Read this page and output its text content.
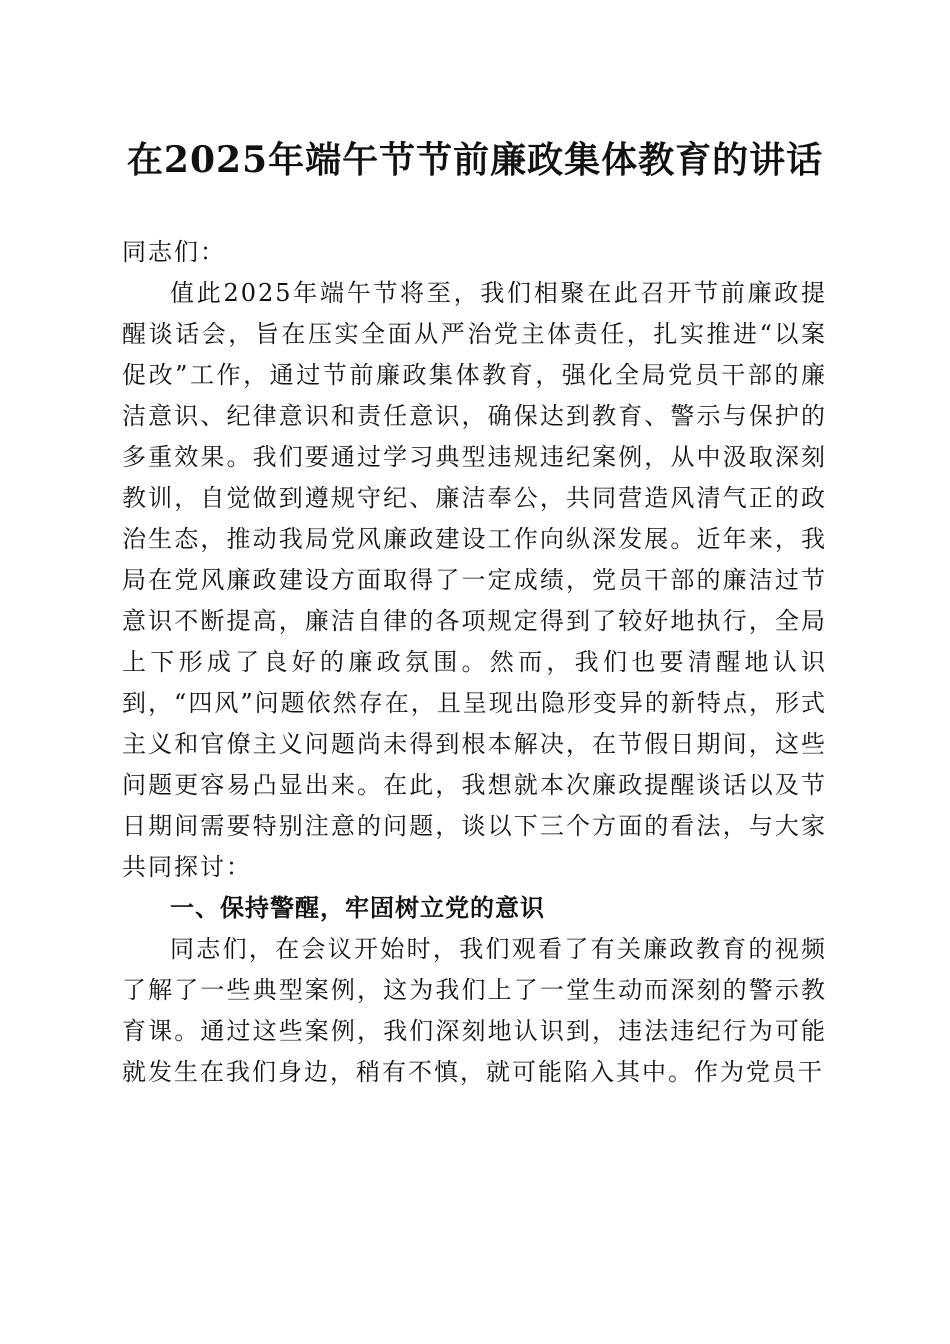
在2025年端午节节前廉政集体教育的讲话

同志们：

值此2025年端午节将至，我们相聚在此召开节前廉政提醒谈话会，旨在压实全面从严治党主体责任，扎实推进“以案促改”工作，通过节前廉政集体教育，强化全局党员干部的廉洁意识、纪律意识和责任意识，确保达到教育、警示与保护的多重效果。我们要通过学习典型违规违纪案例，从中汲取深刻教训，自觉做到遵规守纪、廉洁奉公，共同营造风清气正的政治生态，推动我局党风廉政建设工作向纵深发展。近年来，我局在党风廉政建设方面取得了一定成绩，党员干部的廉洁过节意识不断提高，廉洁自律的各项规定得到了较好地执行，全局上下形成了良好的廉政氛围。然而，我们也要清醒地认识到，“四风”问题依然存在，且呈现出隐形变异的新特点，形式主义和官僚主义问题尚未得到根本解决，在节假日期间，这些问题更容易凸显出来。在此，我想就本次廉政提醒谈话以及节日期间需要特别注意的问题，谈以下三个方面的看法，与大家共同探讨：

一、保持警醒，牢固树立党的意识

同志们，在会议开始时，我们观看了有关廉政教育的视频了解了一些典型案例，这为我们上了一堂生动而深刻的警示教育课。通过这些案例，我们深刻地认识到，违法违纪行为可能就发生在我们身边，稍有不慎，就可能陷入其中。作为党员干
